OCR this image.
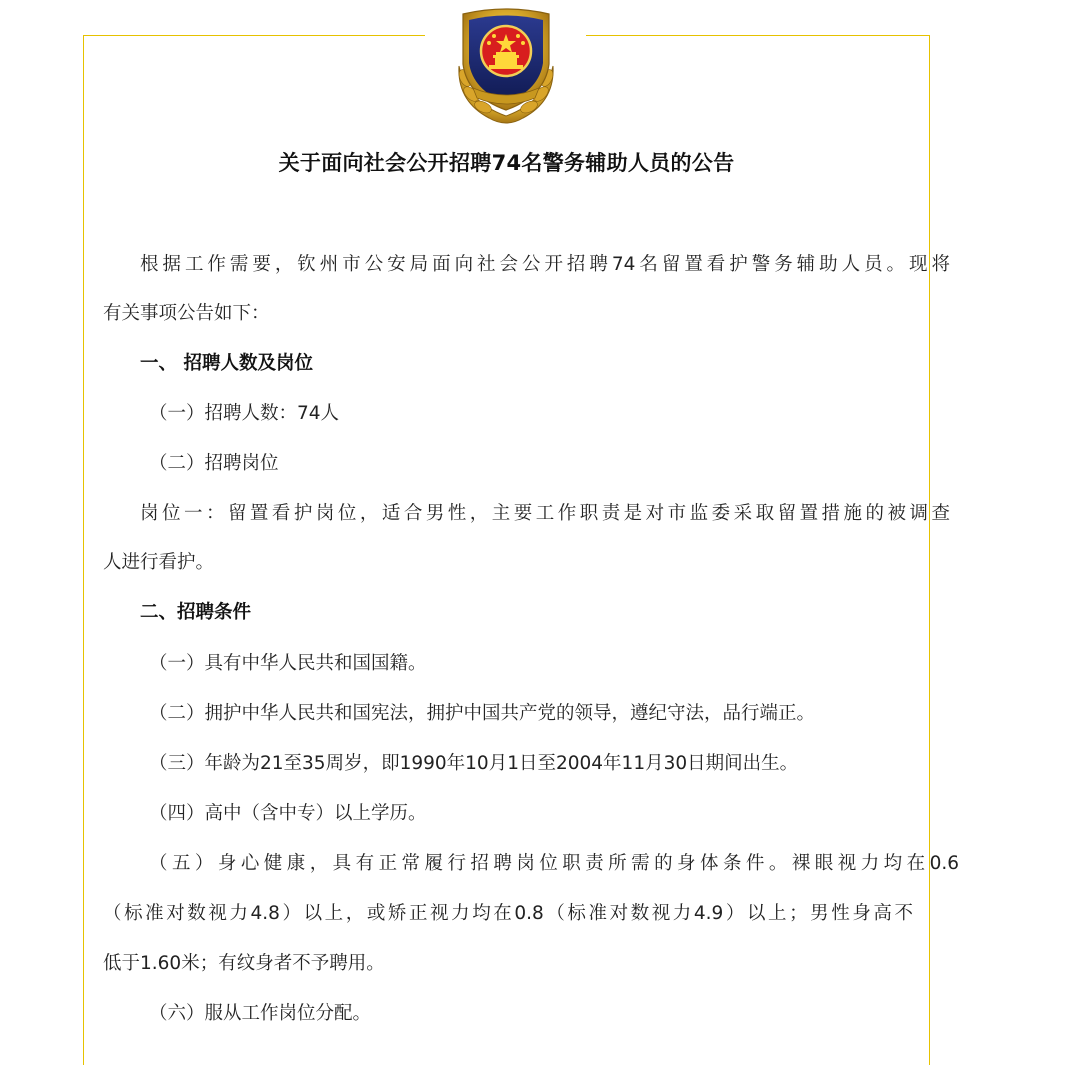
关于面向社会公开招聘74名警务辅助人员的公告
根据工作需要，钦州市公安局面向社会公开招聘74名留置看护警务辅助人员。现将
有关事项公告如下：
一、 招聘人数及岗位
（一）招聘人数：74人
（二）招聘岗位
岗位一：留置看护岗位，适合男性，主要工作职责是对市监委采取留置措施的被调查
人进行看护。
二、招聘条件
（一）具有中华人民共和国国籍。
（二）拥护中华人民共和国宪法，拥护中国共产党的领导，遵纪守法，品行端正。
（三）年龄为21至35周岁，即1990年10月1日至2004年11月30日期间出生。
（四）高中（含中专）以上学历。
（五）身心健康，具有正常履行招聘岗位职责所需的身体条件。裸眼视力均在0.6
（标准对数视力4.8）以上，或矫正视力均在0.8（标准对数视力4.9）以上；男性身高不
低于1.60米；有纹身者不予聘用。
（六）服从工作岗位分配。
